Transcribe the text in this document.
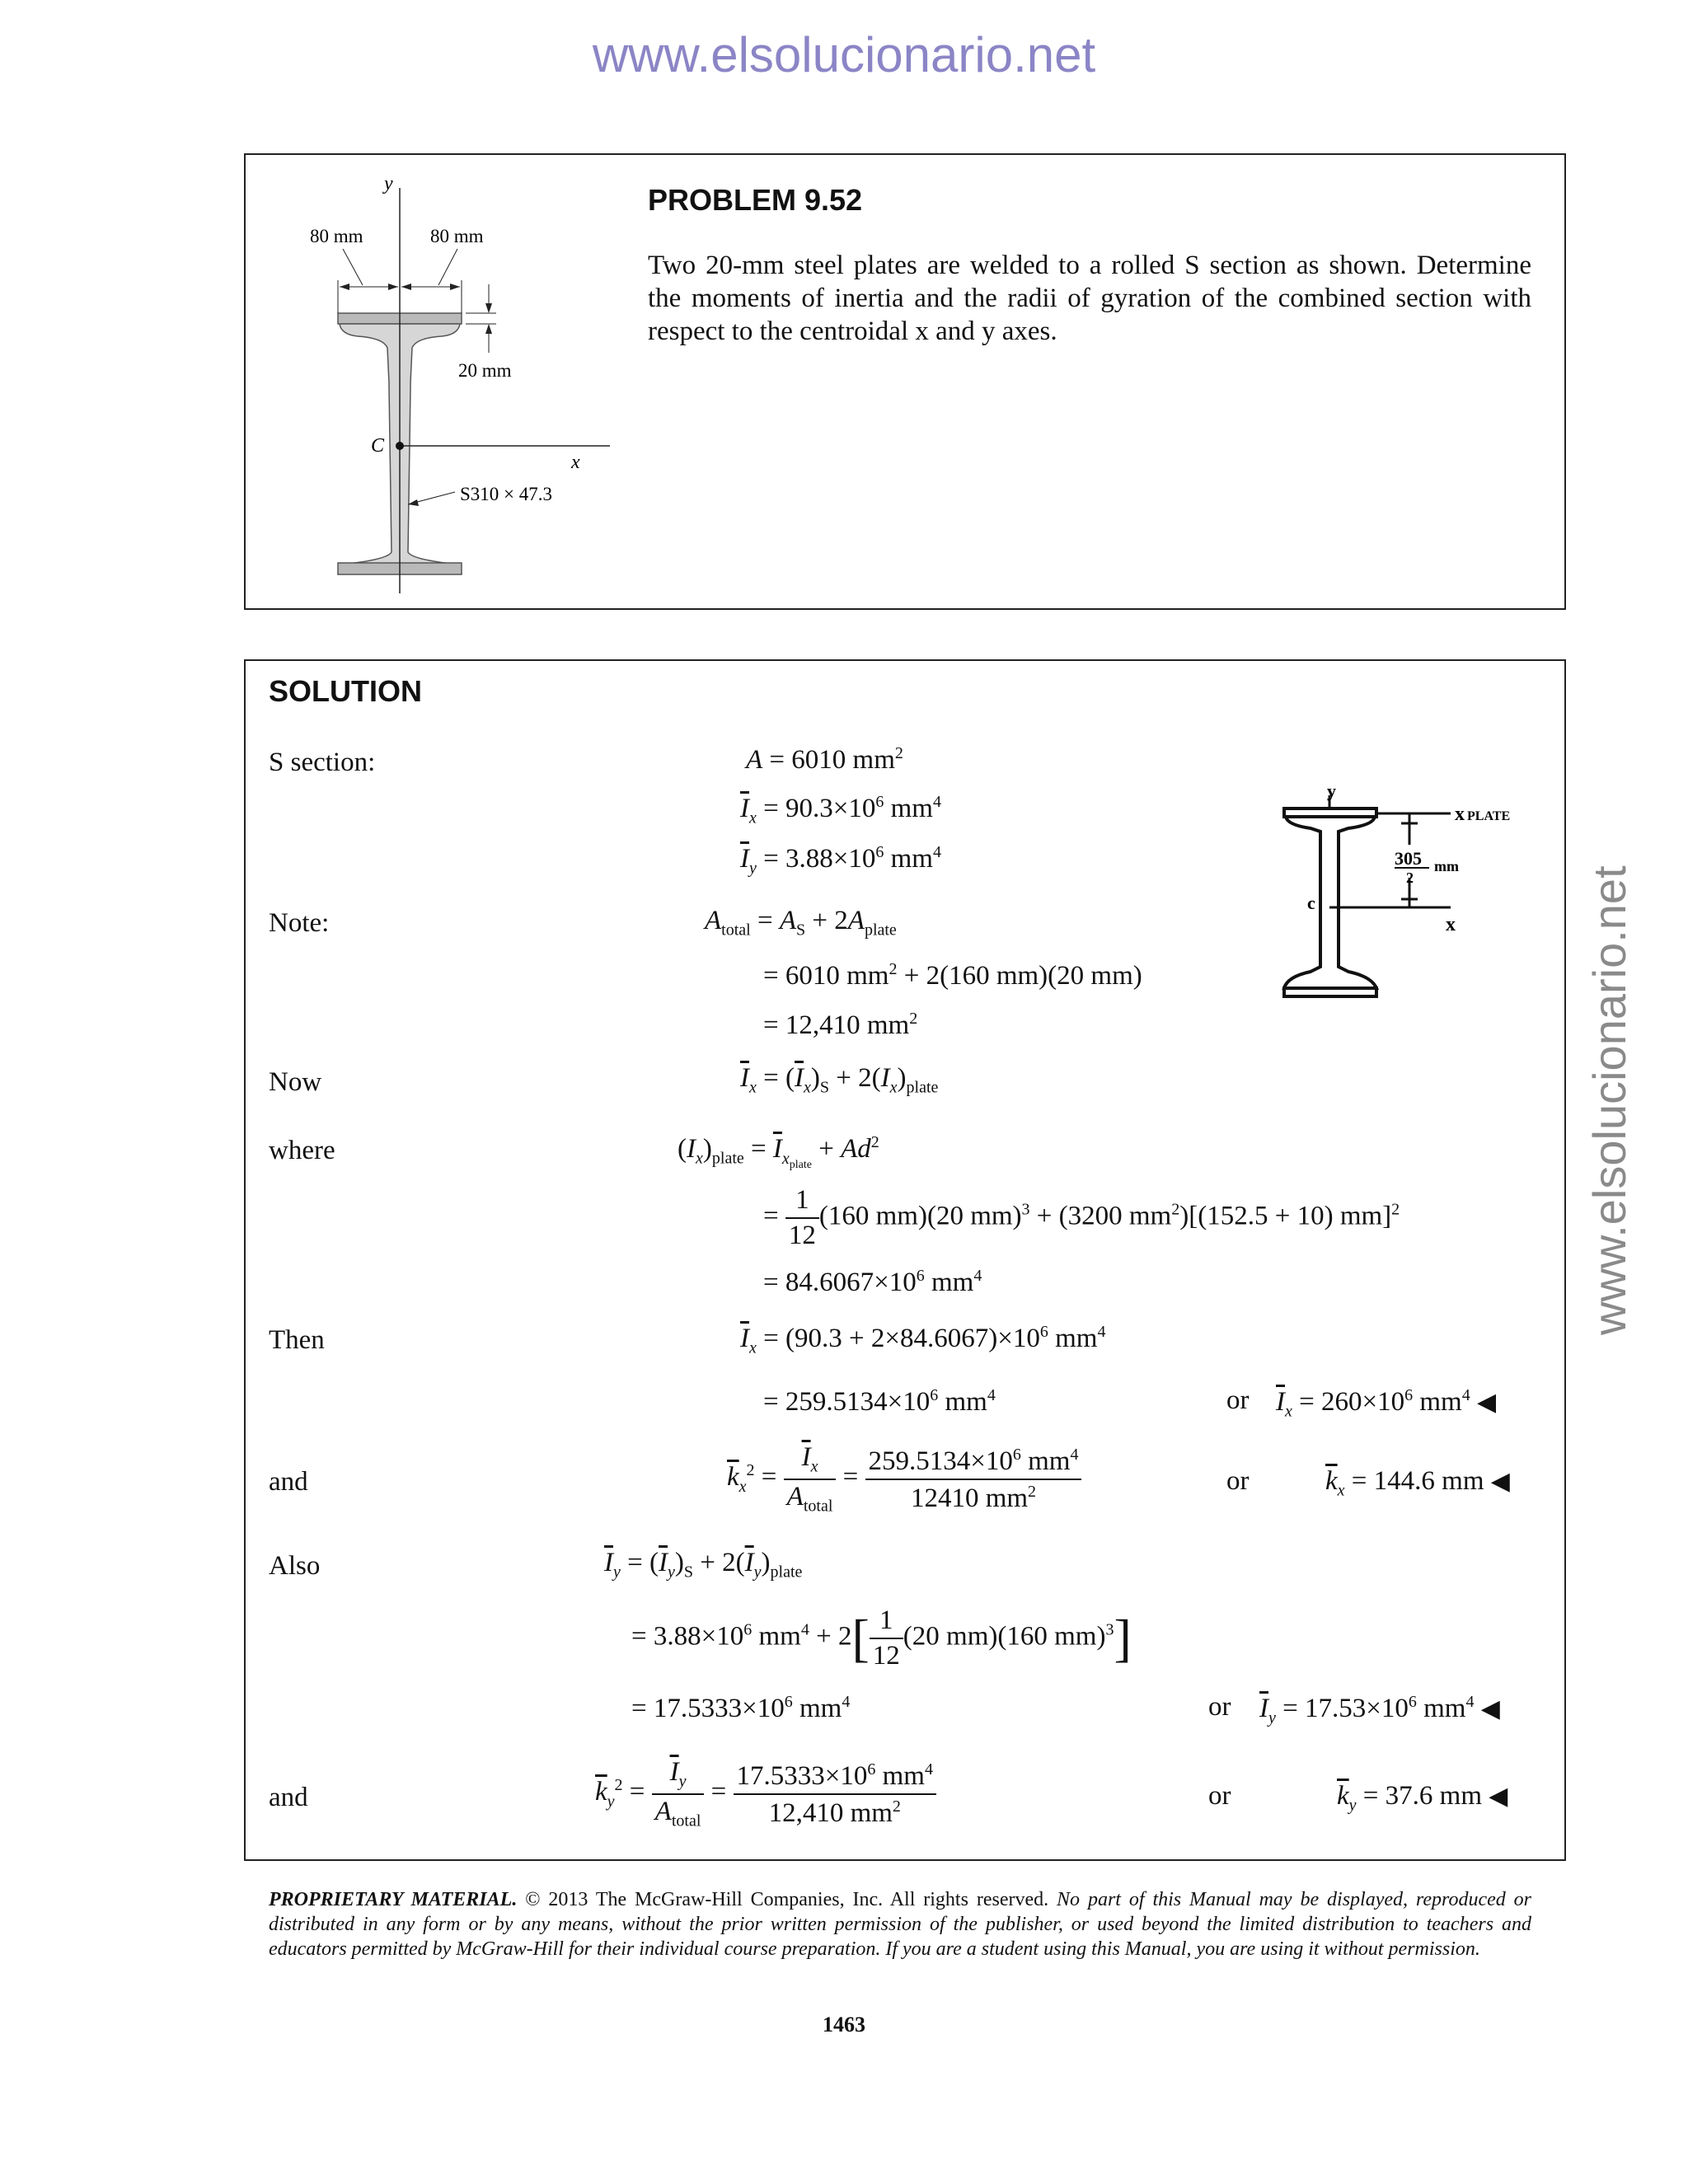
www.elsolucionario.net
www.elsolucionario.net
y
x
80 mm	80 mm
20 mm
C
S310 × 47.3
PROBLEM 9.52
Two 20-mm steel plates are welded to a rolled S section as shown. Determine the moments of inertia and the radii of gyration of the combined section with respect to the centroidal x and y axes.
SOLUTION
y
x PLATE
305
2
mm
c
x
S section:
Note:
Now
where
Then
and
Also
and
A = 6010 $mm^2$
$\overline{I}_x = 90.3\times 10^6$ $mm^4$
$\overline{I}_y = 3.88\times 10^6$ $mm^4$
$A_{total} = A_S + 2A_{plate}$
= 6010 $mm^2 + 2(160$ mm)(20 mm)
= 12,410 $mm^2$
$\overline{I}_x = (\overline{I}_x)_S + 2(I_x)_{plate}$
$(I_x)_{plate} = \overline{I}_{x_{plate}} + Ad^2$
= $\frac{1}{12} (160$ mm)(20 mm)$^3$ + (3200 $mm^2)[(152.5 + 10)$ mm]$^2$
= $84.6067\times 10^6$ $mm^4$
$\overline{I}_x = (90.3 + 2\times 84.6067)\times 10^6$ $mm^4$
= $259.5134\times 10^6$ $mm^4$	or $\overline{I}_x = 260\times 10^6$ $mm^4$ ◀
$\overline{k}_x^2 = \frac{\overline{I}_x}{A_{total}} = \frac{259.5134\times 10^6 mm^4}{12410 mm^2}$	or	$\overline{k}_x = 144.6$ mm ◀
$\overline{I}_y = (\overline{I}_y)_S + 2(\overline{I}_y)_{plate}$
= $3.88\times 10^6$ $mm^4 + 2[ \frac{1}{12} (20$ mm)(160 mm)$^3$]
= $17.5333\times 10^6$ $mm^4$	or $\overline{I}_y = 17.53\times 10^6$ $mm^4$ ◀
$\overline{k}_y^2 = \frac{\overline{I}_y}{A_{total}} = \frac{17.5333\times 10^6 mm^4}{12,410 mm^2}$	or	$\overline{k}_y = 37.6$ mm ◀
PROPRIETARY MATERIAL. © 2013 The McGraw-Hill Companies, Inc. All rights reserved. No part of this Manual may be displayed, reproduced or distributed in any form or by any means, without the prior written permission of the publisher, or used beyond the limited distribution to teachers and educators permitted by McGraw-Hill for their individual course preparation. If you are a student using this Manual, you are using it without permission.
1463
